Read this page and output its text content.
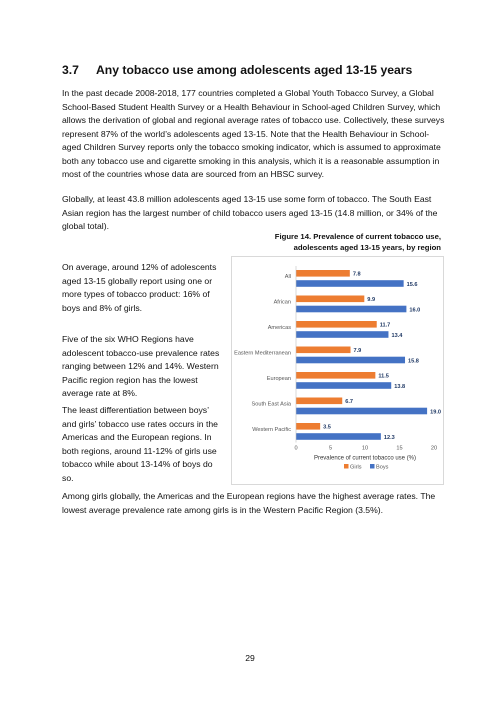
3.7 Any tobacco use among adolescents aged 13-15 years

In the past decade 2008-2018, 177 countries completed a Global Youth Tobacco Survey, a Global School-Based Student Health Survey or a Health Behaviour in School-aged Children Survey, which allows the derivation of global and regional average rates of tobacco use. Collectively, these surveys represent 87% of the world’s adolescents aged 13-15. Note that the Health Behaviour in School-aged Children Survey reports only the tobacco smoking indicator, which is assumed to approximate both any tobacco use and cigarette smoking in this analysis, which it is a reasonable assumption in most of the countries whose data are sourced from an HBSC survey.

Globally, at least 43.8 million adolescents aged 13-15 use some form of tobacco. The South East Asian region has the largest number of child tobacco users aged 13-15 (14.8 million, or 34% of the global total).

Figure 14. Prevalence of current tobacco use,
adolescents aged 13-15 years, by region

On average, around 12% of adolescents aged 13-15 globally report using one or more types of tobacco product: 16% of boys and 8% of girls.

Five of the six WHO Regions have adolescent tobacco-use prevalence rates ranging between 12% and 14%. Western Pacific region region has the lowest average rate at 8%.

The least differentiation between boys’ and girls’ tobacco use rates occurs in the Americas and the European regions. In both regions, around 11-12% of girls use tobacco while about 13-14% of boys do so.

Among girls globally, the Americas and the European regions have the highest average rates. The lowest average prevalence rate among girls is in the Western Pacific Region (3.5%).

All	7.8
15.6
African	9.9
16.0
Americas	11.7
13.4
Eastern Mediterranean	7.9
15.8
European	11.5
13.8
South East Asia	6.7
19.0
Western Pacific	3.5
12.3
0	5	10	15	20
Prevalence of current tobacco use (%)
Girls	Boys
29
